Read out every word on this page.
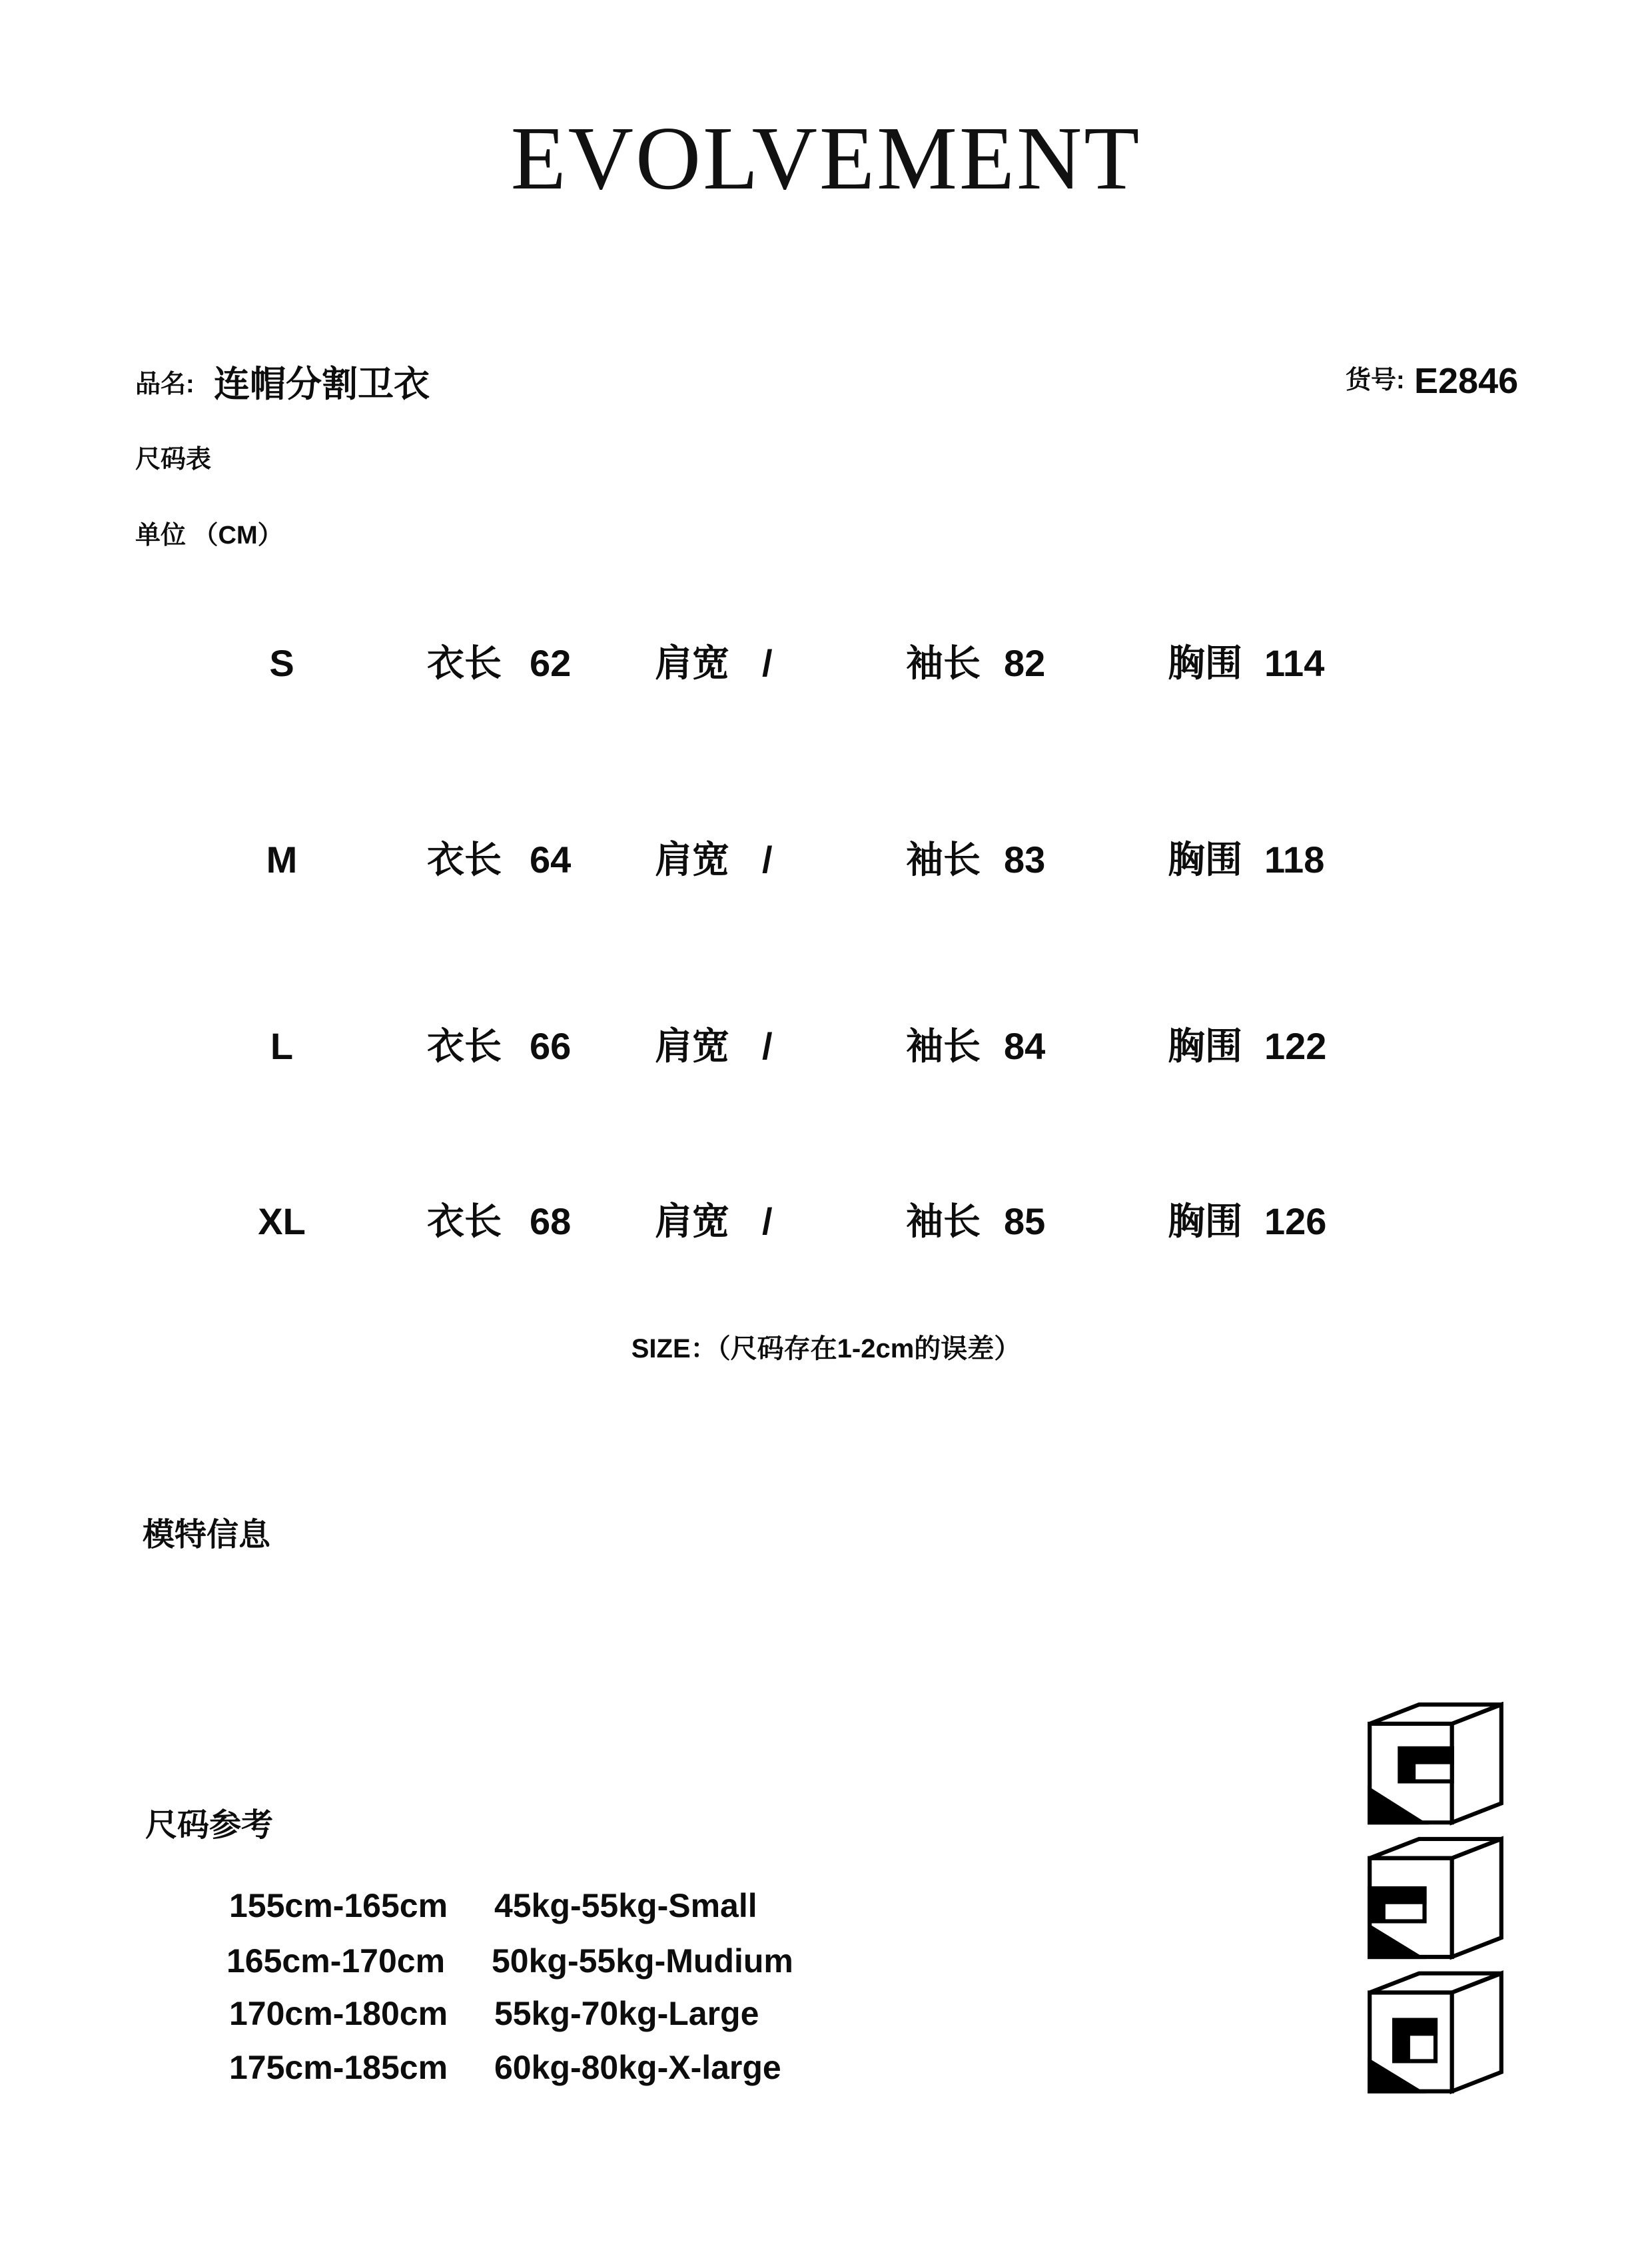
EVOLVEMENT
品名: 连帽分割卫衣	货号: E2846
尺码表
单位 （CM）
S	衣长 62 肩宽 /	袖长 82	胸围 114
M	衣长 64 肩宽 /	袖长 83	胸围 118
L	衣长 66 肩宽 /	袖长 84	胸围 122
XL	衣长 68 肩宽 /	袖长 85	胸围 126
SIZE：（尺码存在1-2cm的误差）
模特信息
尺码参考
155cm-165cm 45kg-55kg-Small
165cm-170cm 50kg-55kg-Mudium
170cm-180cm 55kg-70kg-Large
175cm-185cm 60kg-80kg-X-large
